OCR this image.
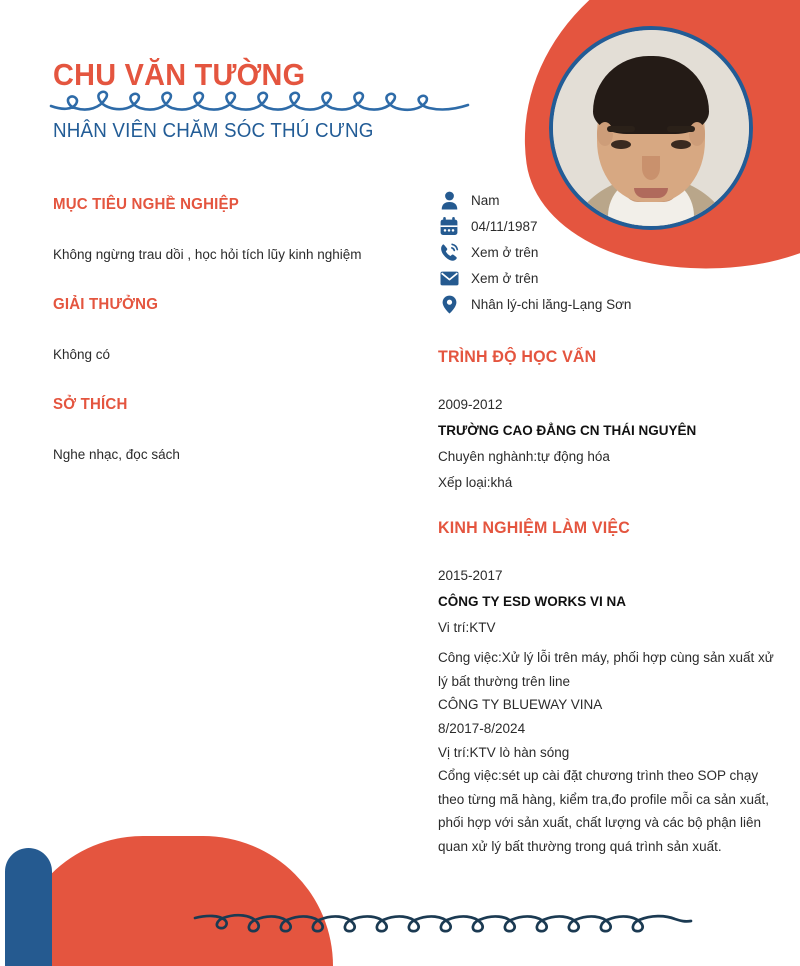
CHU VĂN TƯỜNG
NHÂN VIÊN CHĂM SÓC THÚ CƯNG
MỤC TIÊU NGHỀ NGHIỆP
Không ngừng trau dồi , học hỏi tích lũy kinh nghiệm
GIẢI THƯỞNG
Không có
SỞ THÍCH
Nghe nhạc, đọc sách
Nam
04/11/1987
Xem ở trên
Xem ở trên
Nhân lý-chi lăng-Lạng Sơn
TRÌNH ĐỘ HỌC VẤN
2009-2012
TRƯỜNG CAO ĐẲNG CN THÁI NGUYÊN
Chuyên nghành:tự động hóa
Xếp loại:khá
KINH NGHIỆM LÀM VIỆC
2015-2017
CÔNG TY ESD WORKS VI NA
Vi trí:KTV
Công việc:Xử lý lỗi trên máy, phối hợp cùng sản xuất xử lý bất thường trên line
CÔNG TY BLUEWAY VINA
8/2017-8/2024
Vị trí:KTV lò hàn sóng
Cổng việc:sét up cài đặt chương trình theo SOP chạy theo từng mã hàng, kiểm tra,đo profile mỗi ca sản xuất, phối hợp với sản xuất, chất lượng và các bộ phận liên quan xử lý bất thường trong quá trình sản xuất.
